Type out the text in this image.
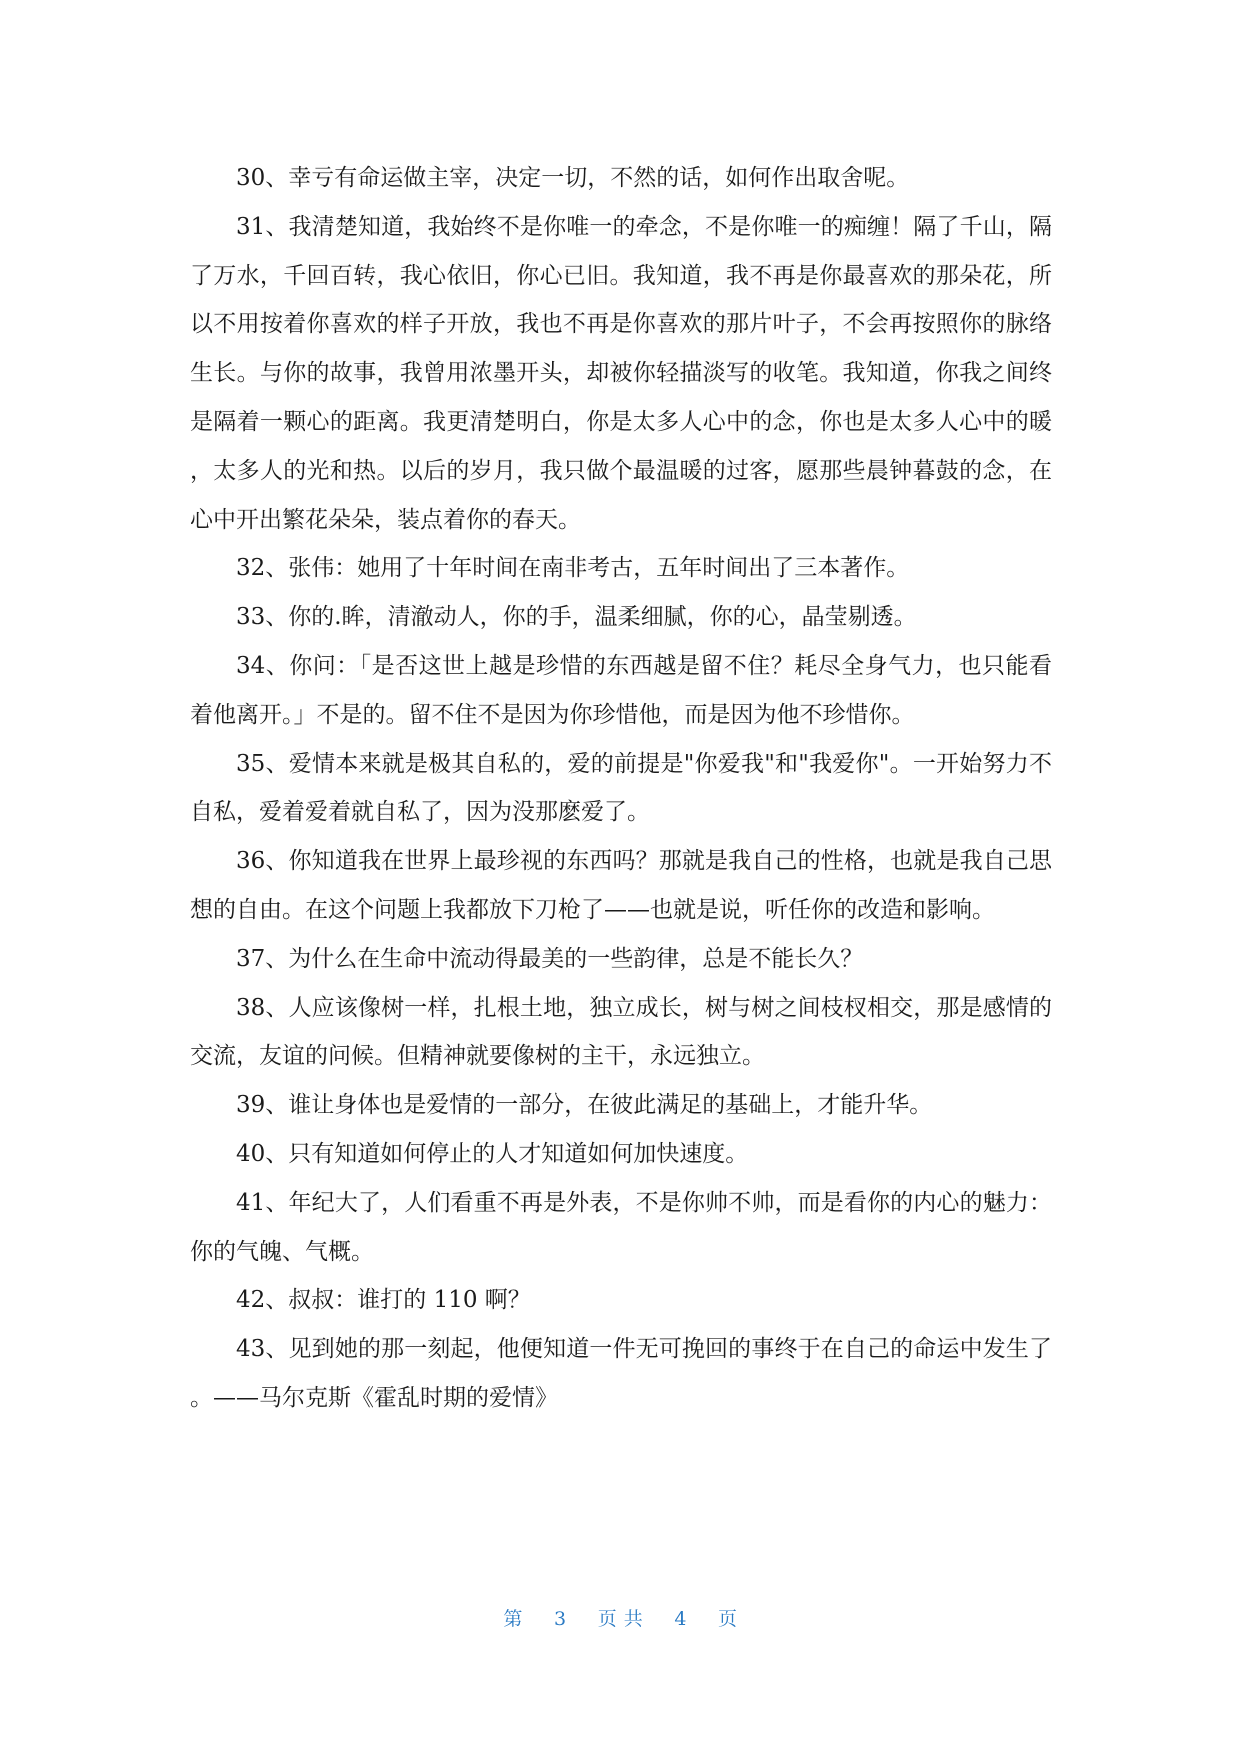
30、幸亏有命运做主宰，决定一切，不然的话，如何作出取舍呢。

31、我清楚知道，我始终不是你唯一的牵念，不是你唯一的痴缠！隔了千山，隔了万水，千回百转，我心依旧，你心已旧。我知道，我不再是你最喜欢的那朵花，所以不用按着你喜欢的样子开放，我也不再是你喜欢的那片叶子，不会再按照你的脉络生长。与你的故事，我曾用浓墨开头，却被你轻描淡写的收笔。我知道，你我之间终是隔着一颗心的距离。我更清楚明白，你是太多人心中的念，你也是太多人心中的暖，太多人的光和热。以后的岁月，我只做个最温暖的过客，愿那些晨钟暮鼓的念，在心中开出繁花朵朵，装点着你的春天。

32、张伟：她用了十年时间在南非考古，五年时间出了三本著作。

33、你的.眸，清澈动人，你的手，温柔细腻，你的心，晶莹剔透。

34、你问：「是否这世上越是珍惜的东西越是留不住？耗尽全身气力，也只能看着他离开。」不是的。留不住不是因为你珍惜他，而是因为他不珍惜你。

35、爱情本来就是极其自私的，爱的前提是"你爱我"和"我爱你"。一开始努力不自私，爱着爱着就自私了，因为没那麽爱了。

36、你知道我在世界上最珍视的东西吗？那就是我自己的性格，也就是我自己思想的自由。在这个问题上我都放下刀枪了——也就是说，听任你的改造和影响。

37、为什么在生命中流动得最美的一些韵律，总是不能长久？

38、人应该像树一样，扎根土地，独立成长，树与树之间枝杈相交，那是感情的交流，友谊的问候。但精神就要像树的主干，永远独立。

39、谁让身体也是爱情的一部分，在彼此满足的基础上，才能升华。

40、只有知道如何停止的人才知道如何加快速度。

41、年纪大了，人们看重不再是外表，不是你帅不帅，而是看你的内心的魅力：你的气魄、气概。

42、叔叔：谁打的 110 啊？

43、见到她的那一刻起，他便知道一件无可挽回的事终于在自己的命运中发生了。——马尔克斯《霍乱时期的爱情》

第 3 页 共 4 页
